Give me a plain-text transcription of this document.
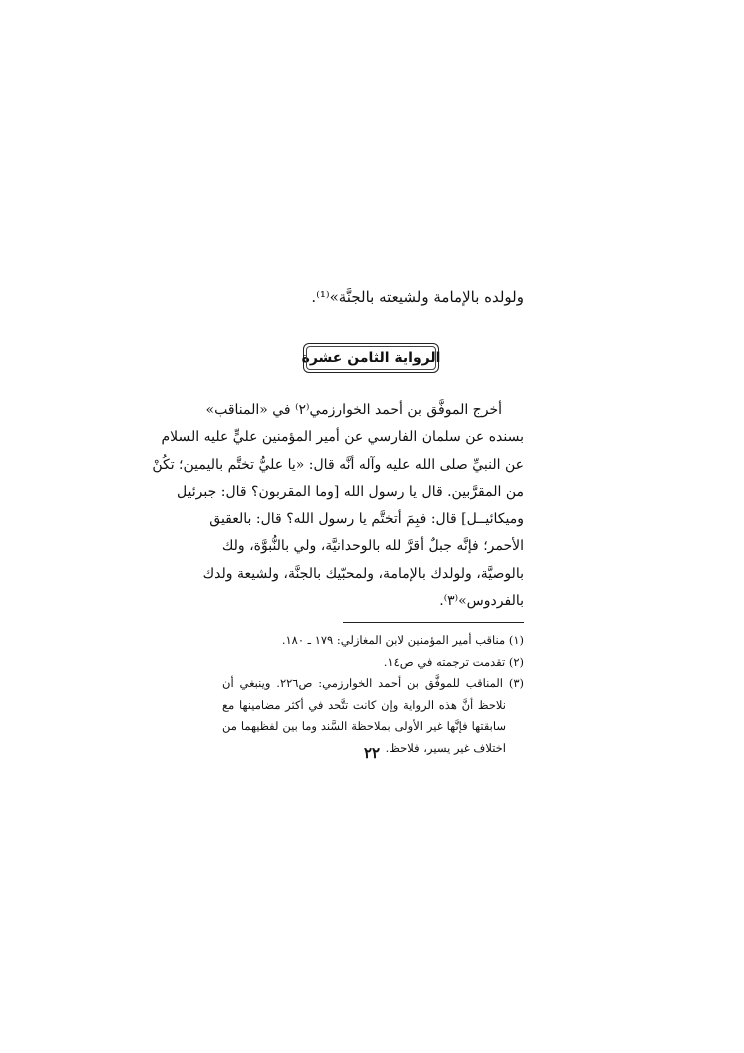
ولولده بالإمامة ولشيعته بالجنَّة»⁽¹⁾.
الرواية الثامن عشرة
أخرج الموفَّق بن أحمد الخوارزمي⁽٢⁾ في «المناقب»
بسنده عن سلمان الفارسي عن أمير المؤمنين عليٍّ عليه السلام
عن النبيِّ صلى الله عليه وآله أنَّه قال: «يا عليُّ تختَّم باليمين؛ تكُنْ
من المقرَّبين. قال يا رسول الله [وما المقربون؟ قال: جبرئيل
وميكائيــل] قال: فبِمَ أتختَّم يا رسول الله؟ قال: بالعقيق
الأحمر؛ فإنَّه جبلٌ أقرَّ لله بالوحدانيَّة، ولي بالنُّبوَّة، ولك
بالوصيَّة، ولولدك بالإمامة، ولمحبّيك بالجنَّة، ولشيعة ولدك
بالفردوس»⁽٣⁾.
(١) مناقب أمير المؤمنين لابن المغازلي: ١٧٩ ـ ١٨٠.
(٢) تقدمت ترجمته في ص١٤.
(٣) المناقب للموفَّق بن أحمد الخوارزمي: ص٢٢٦. وينبغي أن
نلاحظ أنَّ هذه الرواية وإن كانت تتَّحد في أكثر مضامينها مع
سابقتها فإنَّها غير الأولى بملاحظة السَّند وما بين لفظيهما من
اختلاف غير يسير، فلاحظ.
٢٢
